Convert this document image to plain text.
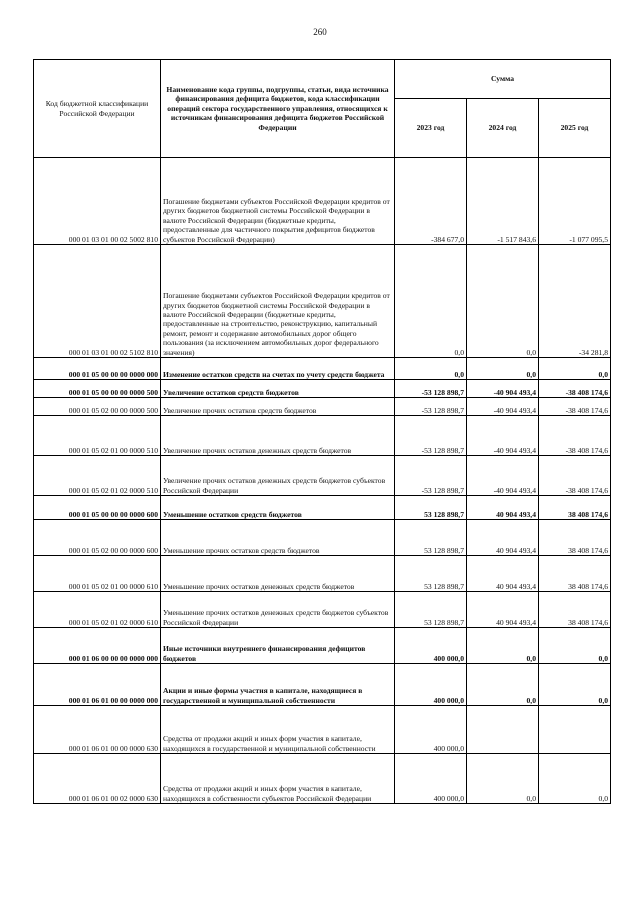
260
Код бюджетной классификации Российской Федерации	Наименование кода группы, подгруппы, статьи, вида источника финансирования дефицита бюджетов, кода классификации операций сектора государственного управления, относящихся к источникам финансирования дефицита бюджетов Российской Федерации	Сумма		
		2023 год	2024 год	2025 год
000 01 03 01 00 02 5002 810	Погашение бюджетами субъектов Российской Федерации кредитов от других бюджетов бюджетной системы Российской Федерации в валюте Российской Федерации (бюджетные кредиты, предоставленные для частичного покрытия дефицитов бюджетов субъектов Российской Федерации)	-384 677,0	-1 517 843,6	-1 077 095,5
000 01 03 01 00 02 5102 810	Погашение бюджетами субъектов Российской Федерации кредитов от других бюджетов бюджетной системы Российской Федерации в валюте Российской Федерации (бюджетные кредиты, предоставленные на строительство, реконструкцию, капитальный ремонт, ремонт и содержание автомобильных дорог общего пользования (за исключением автомобильных дорог федерального значения)	0,0	0,0	-34 281,8
000 01 05 00 00 00 0000 000	Изменение остатков средств на счетах по учету средств бюджета	0,0	0,0	0,0
000 01 05 00 00 00 0000 500	Увеличение остатков средств бюджетов	-53 128 898,7	-40 904 493,4	-38 408 174,6
000 01 05 02 00 00 0000 500	Увеличение прочих остатков средств бюджетов	-53 128 898,7	-40 904 493,4	-38 408 174,6
000 01 05 02 01 00 0000 510	Увеличение прочих остатков денежных средств бюджетов	-53 128 898,7	-40 904 493,4	-38 408 174,6
000 01 05 02 01 02 0000 510	Увеличение прочих остатков денежных средств бюджетов субъектов Российской Федерации	-53 128 898,7	-40 904 493,4	-38 408 174,6
000 01 05 00 00 00 0000 600	Уменьшение остатков средств бюджетов	53 128 898,7	40 904 493,4	38 408 174,6
000 01 05 02 00 00 0000 600	Уменьшение прочих остатков средств бюджетов	53 128 898,7	40 904 493,4	38 408 174,6
000 01 05 02 01 00 0000 610	Уменьшение прочих остатков денежных средств бюджетов	53 128 898,7	40 904 493,4	38 408 174,6
000 01 05 02 01 02 0000 610	Уменьшение прочих остатков денежных средств бюджетов субъектов Российской Федерации	53 128 898,7	40 904 493,4	38 408 174,6
000 01 06 00 00 00 0000 000	Иные источники внутреннего финансирования дефицитов бюджетов	400 000,0	0,0	0,0
000 01 06 01 00 00 0000 000	Акции и иные формы участия в капитале, находящиеся в государственной и муниципальной собственности	400 000,0	0,0	0,0
000 01 06 01 00 00 0000 630	Средства от продажи акций и иных форм участия в капитале, находящихся в государственной и муниципальной собственности	400 000,0		
000 01 06 01 00 02 0000 630	Средства от продажи акций и иных форм участия в капитале, находящихся в собственности субъектов Российской Федерации	400 000,0	0,0	0,0
